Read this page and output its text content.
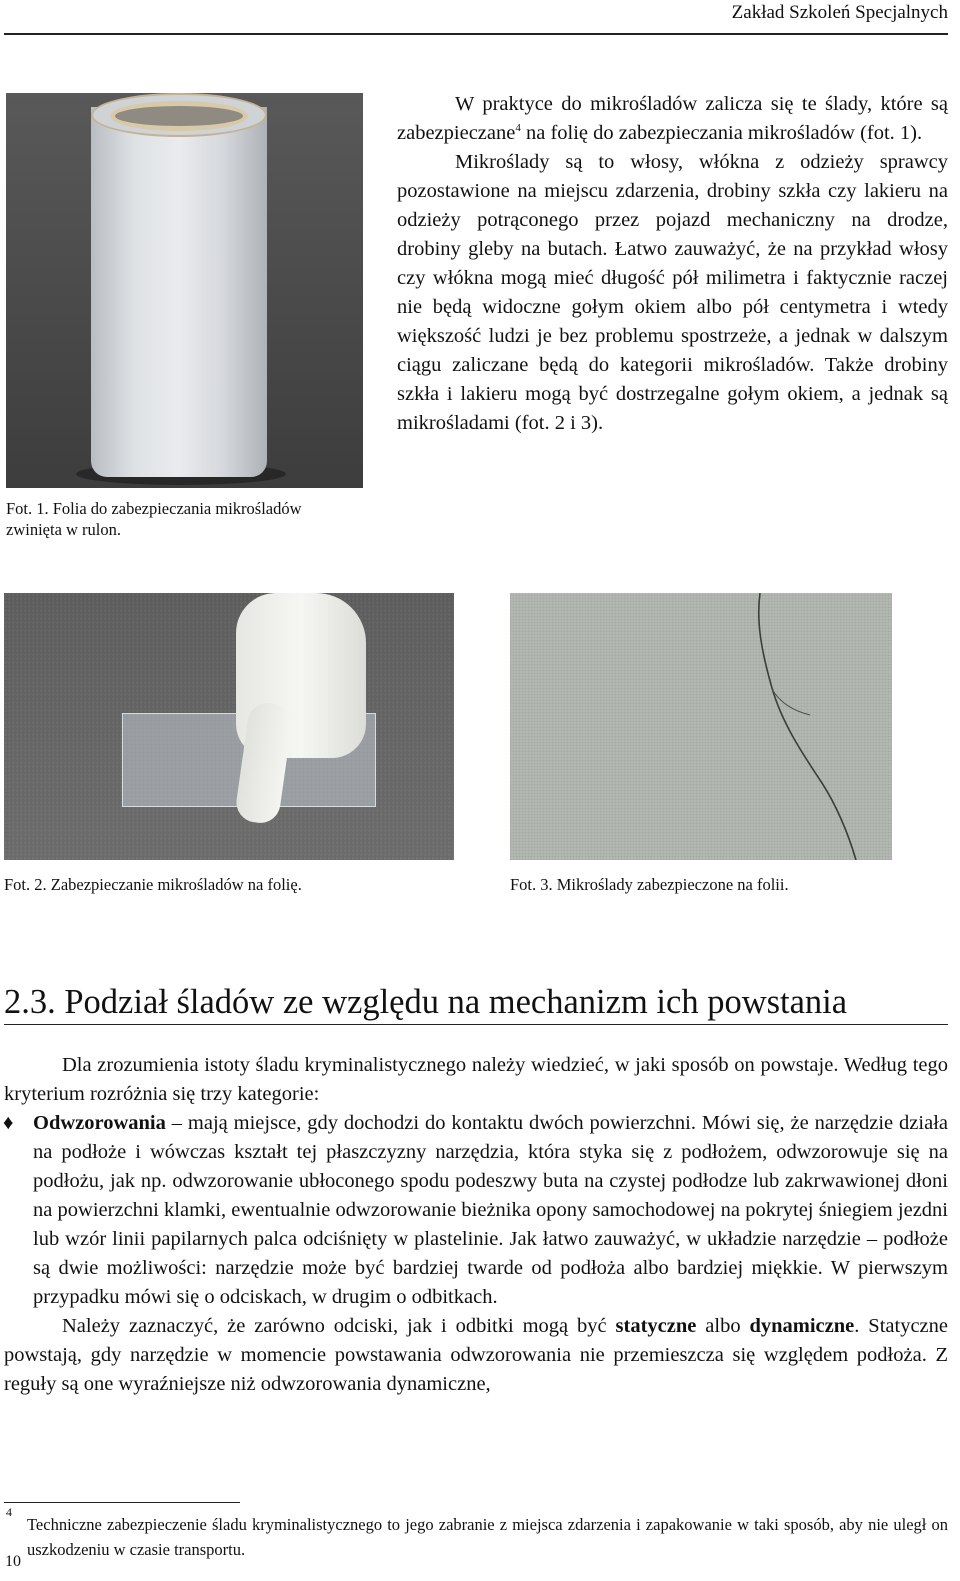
Zakład Szkoleń Specjalnych
Fot. 1. Folia do zabezpieczania mikrośladów zwinięta w rulon.
W praktyce do mikrośladów zalicza się te ślady, które są zabezpieczane$^4$ na folię do zabezpieczania mikrośladów (fot. 1).
Mikroślady są to włosy, włókna z odzieży sprawcy pozostawione na miejscu zdarzenia, drobiny szkła czy lakieru na odzieży potrąconego przez pojazd mechaniczny na drodze, drobiny gleby na butach. Łatwo zauważyć, że na przykład włosy czy włókna mogą mieć długość pół milimetra i faktycznie raczej nie będą widoczne gołym okiem albo pół centymetra i wtedy większość ludzi je bez problemu spostrzeże, a jednak w dalszym ciągu zaliczane będą do kategorii mikrośladów. Także drobiny szkła i lakieru mogą być dostrzegalne gołym okiem, a jednak są mikrośladami (fot. 2 i 3).
Fot. 2. Zabezpieczanie mikrośladów na folię.	Fot. 3. Mikroślady zabezpieczone na folii.
2.3. Podział śladów ze względu na mechanizm ich powstania
Dla zrozumienia istoty śladu kryminalistycznego należy wiedzieć, w jaki sposób on powstaje. Według tego kryterium rozróżnia się trzy kategorie:
♦ Odwzorowania – mają miejsce, gdy dochodzi do kontaktu dwóch powierzchni. Mówi się, że narzędzie działa na podłoże i wówczas kształt tej płaszczyzny narzędzia, która styka się z podłożem, odwzorowuje się na podłożu, jak np. odwzorowanie ubłoconego spodu podeszwy buta na czystej podłodze lub zakrwawionej dłoni na powierzchni klamki, ewentualnie odwzorowanie bieżnika opony samochodowej na pokrytej śniegiem jezdni lub wzór linii papilarnych palca odciśnięty w plastelinie. Jak łatwo zauważyć, w układzie narzędzie – podłoże są dwie możliwości: narzędzie może być bardziej twarde od podłoża albo bardziej miękkie. W pierwszym przypadku mówi się o odciskach, w drugim o odbitkach.
Należy zaznaczyć, że zarówno odciski, jak i odbitki mogą być statyczne albo dynamiczne. Statyczne powstają, gdy narzędzie w momencie powstawania odwzorowania nie przemieszcza się względem podłoża. Z reguły są one wyraźniejsze niż odwzorowania dynamiczne,
4
Techniczne zabezpieczenie śladu kryminalistycznego to jego zabranie z miejsca zdarzenia i zapakowanie w taki sposób, aby nie uległ on uszkodzeniu w czasie transportu.
10
